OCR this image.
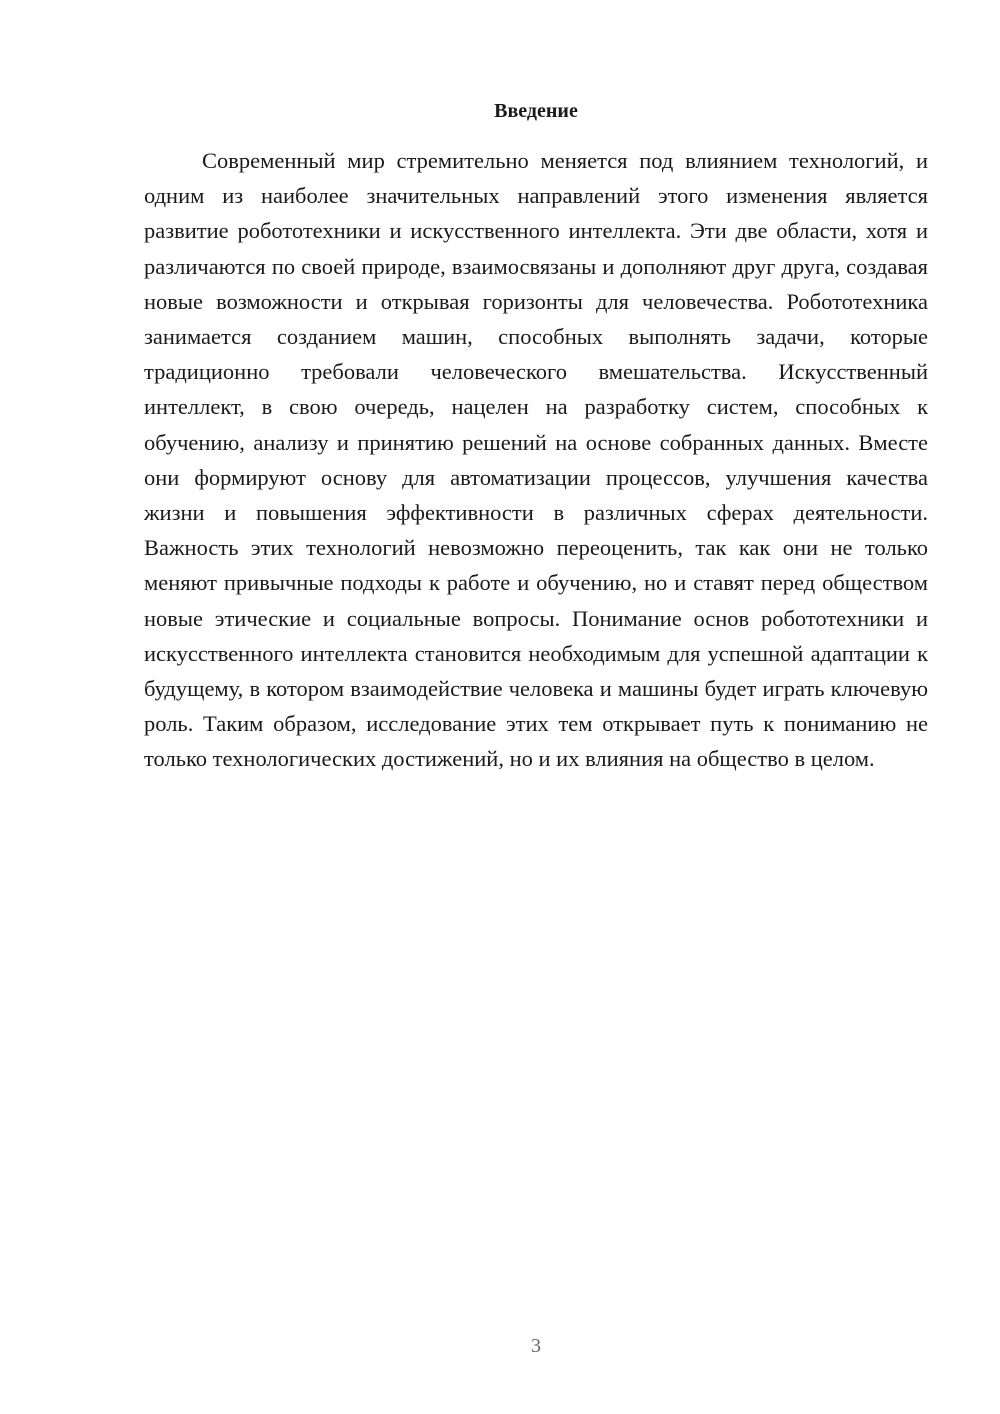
Введение

Современный мир стремительно меняется под влиянием технологий, и одним из наиболее значительных направлений этого изменения является развитие робототехники и искусственного интеллекта. Эти две области, хотя и различаются по своей природе, взаимосвязаны и дополняют друг друга, создавая новые возможности и открывая горизонты для человечества. Робототехника занимается созданием машин, способных выполнять задачи, которые традиционно требовали человеческого вмешательства. Искусственный интеллект, в свою очередь, нацелен на разработку систем, способных к обучению, анализу и принятию решений на основе собранных данных. Вместе они формируют основу для автоматизации процессов, улучшения качества жизни и повышения эффективности в различных сферах деятельности. Важность этих технологий невозможно переоценить, так как они не только меняют привычные подходы к работе и обучению, но и ставят перед обществом новые этические и социальные вопросы. Понимание основ робототехники и искусственного интеллекта становится необходимым для успешной адаптации к будущему, в котором взаимодействие человека и машины будет играть ключевую роль. Таким образом, исследование этих тем открывает путь к пониманию не только технологических достижений, но и их влияния на общество в целом.

3
